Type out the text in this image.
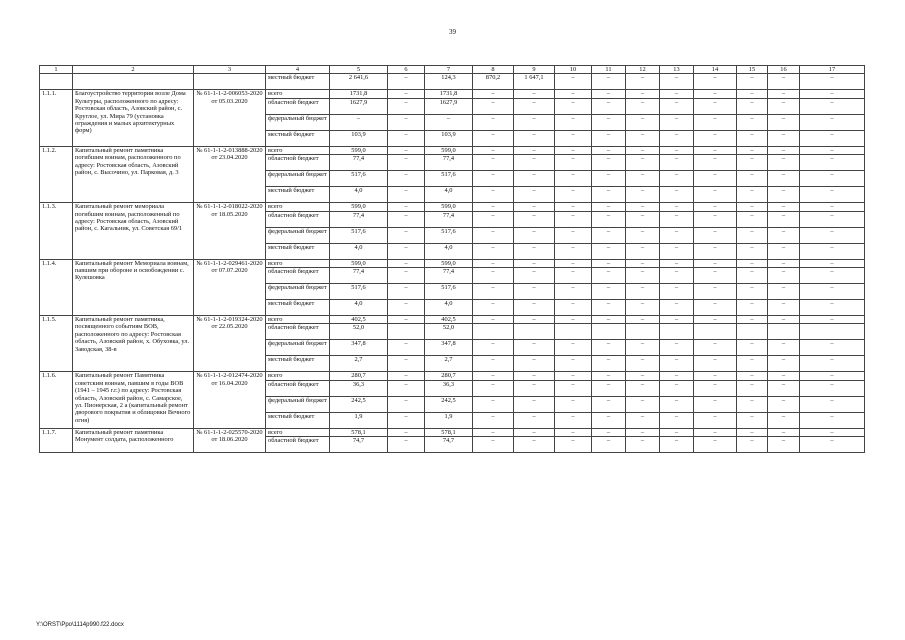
39
1	2	3	4	5	6	7	8	9	10	11	12	13	14	15	16	17
			местный бюджет	2 641,6	–	124,3	870,2	1 647,1	–	–	–	–	–	–	–	–
1.1.1.	Благоустройство территории возле Дома Культуры, расположенного по адресу: Ростовская область, Азовский район, с. Круглое, ул. Мира 79 (установка ограждения и малых архитектурных форм)	№ 61-1-1-2-006053-2020 от 05.03.2020	всего	1731,8	–	1731,8	–	–	–	–	–	–	–	–	–	–
			областной бюджет	1627,9	–	1627,9	–	–	–	–	–	–	–	–	–	–
			федеральный бюджет	–	–	–	–	–	–	–	–	–	–	–	–	–
			местный бюджет	103,9	–	103,9	–	–	–	–	–	–	–	–	–	–
1.1.2.	Капитальный ремонт памятника погибшим воинам, расположенного по адресу: Ростовская область, Азовский район, с. Высочино, ул. Парковая, д. 3	№ 61-1-1-2-013888-2020 от 23.04.2020	всего	599,0	–	599,0	–	–	–	–	–	–	–	–	–	–
			областной бюджет	77,4	–	77,4	–	–	–	–	–	–	–	–	–	–
			федеральный бюджет	517,6	–	517,6	–	–	–	–	–	–	–	–	–	–
			местный бюджет	4,0	–	4,0	–	–	–	–	–	–	–	–	–	–
1.1.3.	Капитальный ремонт мемориала погибшим воинам, расположенный по адресу: Ростовская область, Азовский район, с. Кагальник, ул. Советская 69/1	№ 61-1-1-2-018022-2020 от 18.05.2020	всего	599,0	–	599,0	–	–	–	–	–	–	–	–	–	–
			областной бюджет	77,4	–	77,4	–	–	–	–	–	–	–	–	–	–
			федеральный бюджет	517,6	–	517,6	–	–	–	–	–	–	–	–	–	–
			местный бюджет	4,0	–	4,0	–	–	–	–	–	–	–	–	–	–
1.1.4.	Капитальный ремонт Мемориала воинам, павшим при обороне и освобождении с. Кулешовка	№ 61-1-1-2-029461-2020 от 07.07.2020	всего	599,0	–	599,0	–	–	–	–	–	–	–	–	–	–
			областной бюджет	77,4	–	77,4	–	–	–	–	–	–	–	–	–	–
			федеральный бюджет	517,6	–	517,6	–	–	–	–	–	–	–	–	–	–
			местный бюджет	4,0	–	4,0	–	–	–	–	–	–	–	–	–	–
1.1.5.	Капитальный ремонт памятника, посвященного событиям ВОВ, расположенного по адресу: Ростовская область, Азовский район, х. Обуховка, ул. Заводская, 38-в	№ 61-1-1-2-019324-2020 от 22.05.2020	всего	402,5	–	402,5	–	–	–	–	–	–	–	–	–	–
			областной бюджет	52,0		52,0										
			федеральный бюджет	347,8	–	347,8	–	–	–	–	–	–	–	–	–	–
			местный бюджет	2,7	–	2,7	–	–	–	–	–	–	–	–	–	–
1.1.6.	Капитальный ремонт Памятника советским воинам, павшим в годы ВОВ (1941 – 1945 г.г.) по адресу: Ростовская область, Азовский район, с. Самарское, ул. Пионерская, 2 а (капитальный ремонт дворового покрытия и облицовки Вечного огня)	№ 61-1-1-2-012474-2020 от 16.04.2020	всего	280,7	–	280,7	–	–	–	–	–	–	–	–	–	–
			областной бюджет	36,3	–	36,3	–	–	–	–	–	–	–	–	–	–
			федеральный бюджет	242,5	–	242,5	–	–	–	–	–	–	–	–	–	–
			местный бюджет	1,9	–	1,9	–	–	–	–	–	–	–	–	–	–
1.1.7.	Капитальный ремонт памятника Монумент солдата, расположенного	№ 61-1-1-2-025570-2020 от 18.06.2020	всего	578,1	–	578,1	–	–	–	–	–	–	–	–	–	–
			областной бюджет	74,7	–	74,7	–	–	–	–	–	–	–	–	–	–
Y:\ORST\Ppo\1114p990.f22.docx
